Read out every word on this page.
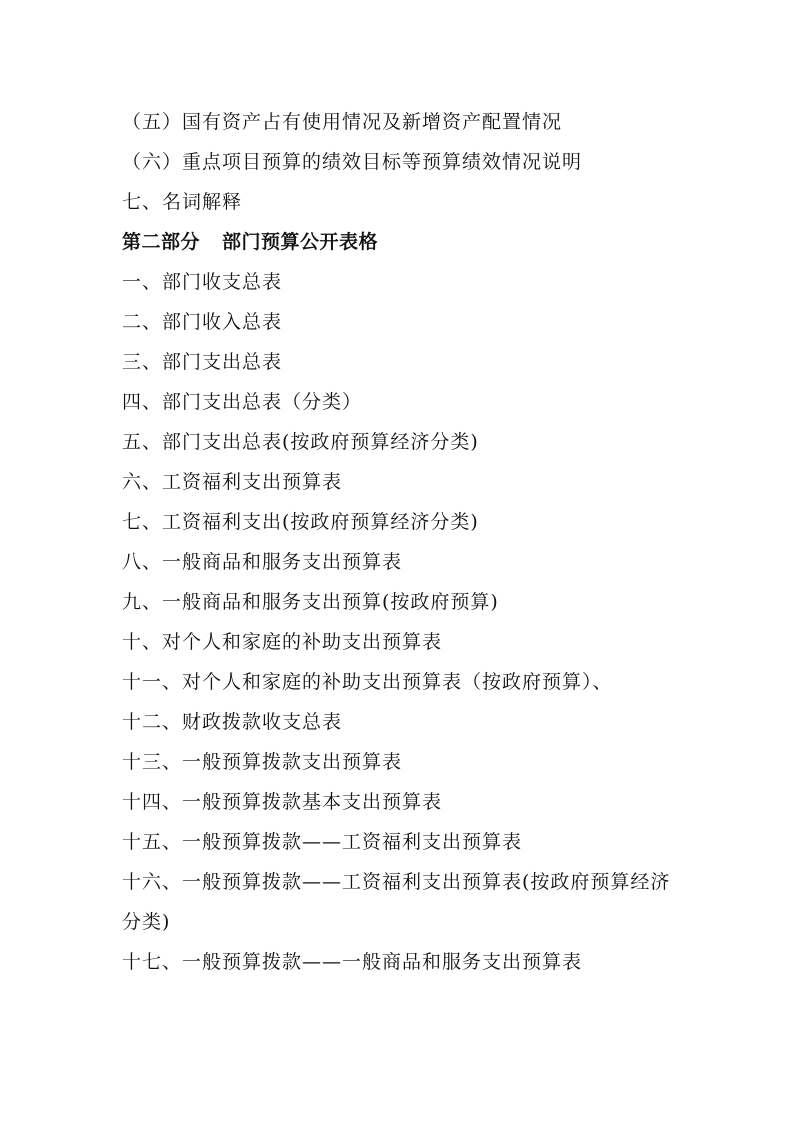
（五）国有资产占有使用情况及新增资产配置情况
（六）重点项目预算的绩效目标等预算绩效情况说明
七、名词解释
第二部分 部门预算公开表格
一、部门收支总表
二、部门收入总表
三、部门支出总表
四、部门支出总表（分类）
五、部门支出总表(按政府预算经济分类)
六、工资福利支出预算表
七、工资福利支出(按政府预算经济分类)
八、一般商品和服务支出预算表
九、一般商品和服务支出预算(按政府预算)
十、对个人和家庭的补助支出预算表
十一、对个人和家庭的补助支出预算表（按政府预算）、
十二、财政拨款收支总表
十三、一般预算拨款支出预算表
十四、一般预算拨款基本支出预算表
十五、一般预算拨款——工资福利支出预算表
十六、一般预算拨款——工资福利支出预算表(按政府预算经济分类)
十七、一般预算拨款——一般商品和服务支出预算表
